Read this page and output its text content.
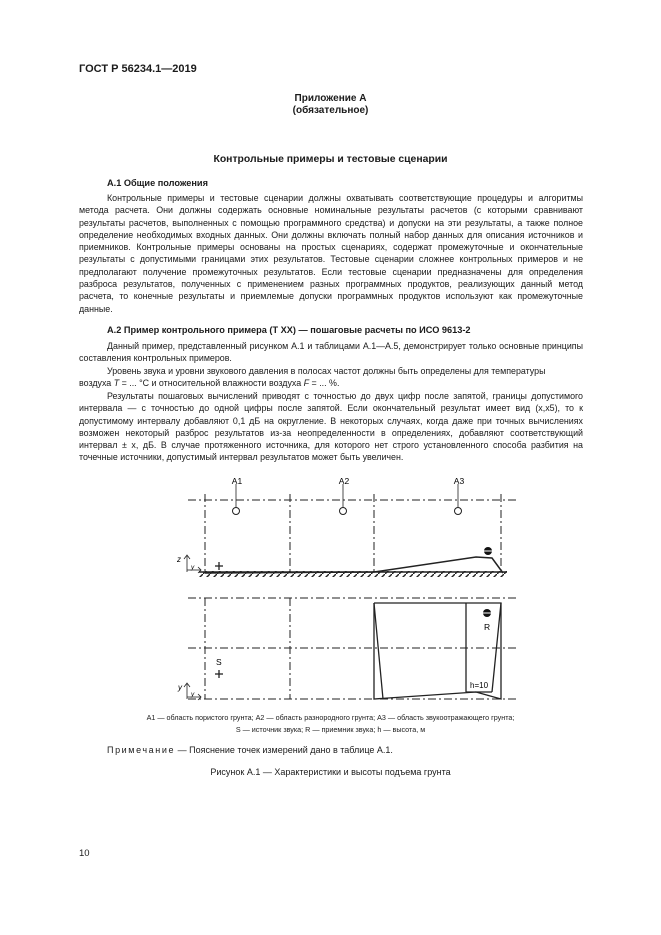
ГОСТ Р 56234.1—2019
Приложение А
(обязательное)
Контрольные примеры и тестовые сценарии
А.1 Общие положения

Контрольные примеры и тестовые сценарии должны охватывать соответствующие процедуры и алгоритмы метода расчета. Они должны содержать основные номинальные результаты расчетов (с которыми сравнивают результаты расчетов, выполненных с помощью программного средства) и допуски на эти результаты, а также полное определение необходимых входных данных. Они должны включать полный набор данных для описания источников и приемников. Контрольные примеры основаны на простых сценариях, содержат промежуточные и окончательные результаты с допустимыми границами этих результатов. Тестовые сценарии сложнее контрольных примеров и не предполагают получение промежуточных результатов. Если тестовые сценарии предназначены для определения разброса результатов, полученных с применением разных программных продуктов, реализующих данный метод расчета, то конечные результаты и приемлемые допуски программных продуктов используют как промежуточные данные.

А.2 Пример контрольного примера (Т ХХ) — пошаговые расчеты по ИСО 9613-2

Данный пример, представленный рисунком А.1 и таблицами А.1—А.5, демонстрирует только основные принципы составления контрольных примеров.

Уровень звука и уровни звукового давления в полосах частот должны быть определены для температуры

воздуха T = ... °С и относительной влажности воздуха F = ... %.

Результаты пошаговых вычислений приводят с точностью до двух цифр после запятой, границы допустимого интервала — с точностью до одной цифры после запятой. Если окончательный результат имеет вид (x,x5), то к допустимому интервалу добавляют 0,1 дБ на округление. В некоторых случаях, когда даже при точных вычислениях возможен некоторый разброс результатов из-за неопределенности в определениях, добавляют соответствующий интервал ± x, дБ. В случае протяженного источника, для которого нет строго установленного способа разбития на точечные источники, допустимый интервал результатов может быть увеличен.

А1	А2	А3
z
y
R
S
h=10
y
y
А1 — область пористого грунта; А2 — область разнородного грунта; А3 — область звукоотражающего грунта;
S — источник звука; R — приемник звука; h — высота, м
Примечание — Пояснение точек измерений дано в таблице А.1.
Рисунок А.1 — Характеристики и высоты подъема грунта
10
